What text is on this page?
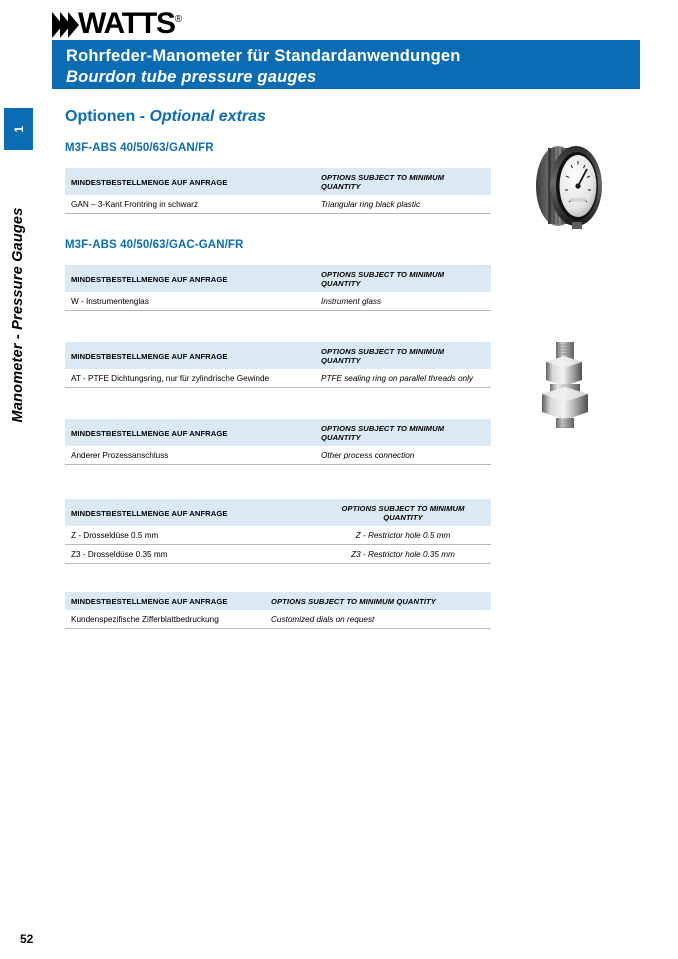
1
Manometer - Pressure Gauges
WATTS®
Rohrfeder-Manometer für Standardanwendungen
Bourdon tube pressure gauges
Optionen - Optional extras
M3F-ABS 40/50/63/GAN/FR
M3F-ABS 40/50/63/GAC-GAN/FR
MINDESTBESTELLMENGE AUF ANFRAGE	OPTIONS SUBJECT TO MINIMUM QUANTITY
GAN – 3-Kant Frontring in schwarz	Triangular ring black plastic
MINDESTBESTELLMENGE AUF ANFRAGE	OPTIONS SUBJECT TO MINIMUM QUANTITY
W - Instrumentenglas	Instrument glass
MINDESTBESTELLMENGE AUF ANFRAGE	OPTIONS SUBJECT TO MINIMUM QUANTITY
AT - PTFE Dichtungsring, nur für zylindrische Gewinde	PTFE sealing ring on parallel threads only
MINDESTBESTELLMENGE AUF ANFRAGE	OPTIONS SUBJECT TO MINIMUM QUANTITY
Anderer Prozessanschluss	Other process connection
MINDESTBESTELLMENGE AUF ANFRAGE	OPTIONS SUBJECT TO MINIMUM QUANTITY
Z - Drosseldüse 0.5 mm	Z - Restrictor hole 0.5 mm
Z3 - Drosseldüse 0.35 mm	Z3 - Restrictor hole 0.35 mm
MINDESTBESTELLMENGE AUF ANFRAGE	OPTIONS SUBJECT TO MINIMUM QUANTITY
Kundenspezifische Zifferblattbedruckung	Customized dials on request
52
